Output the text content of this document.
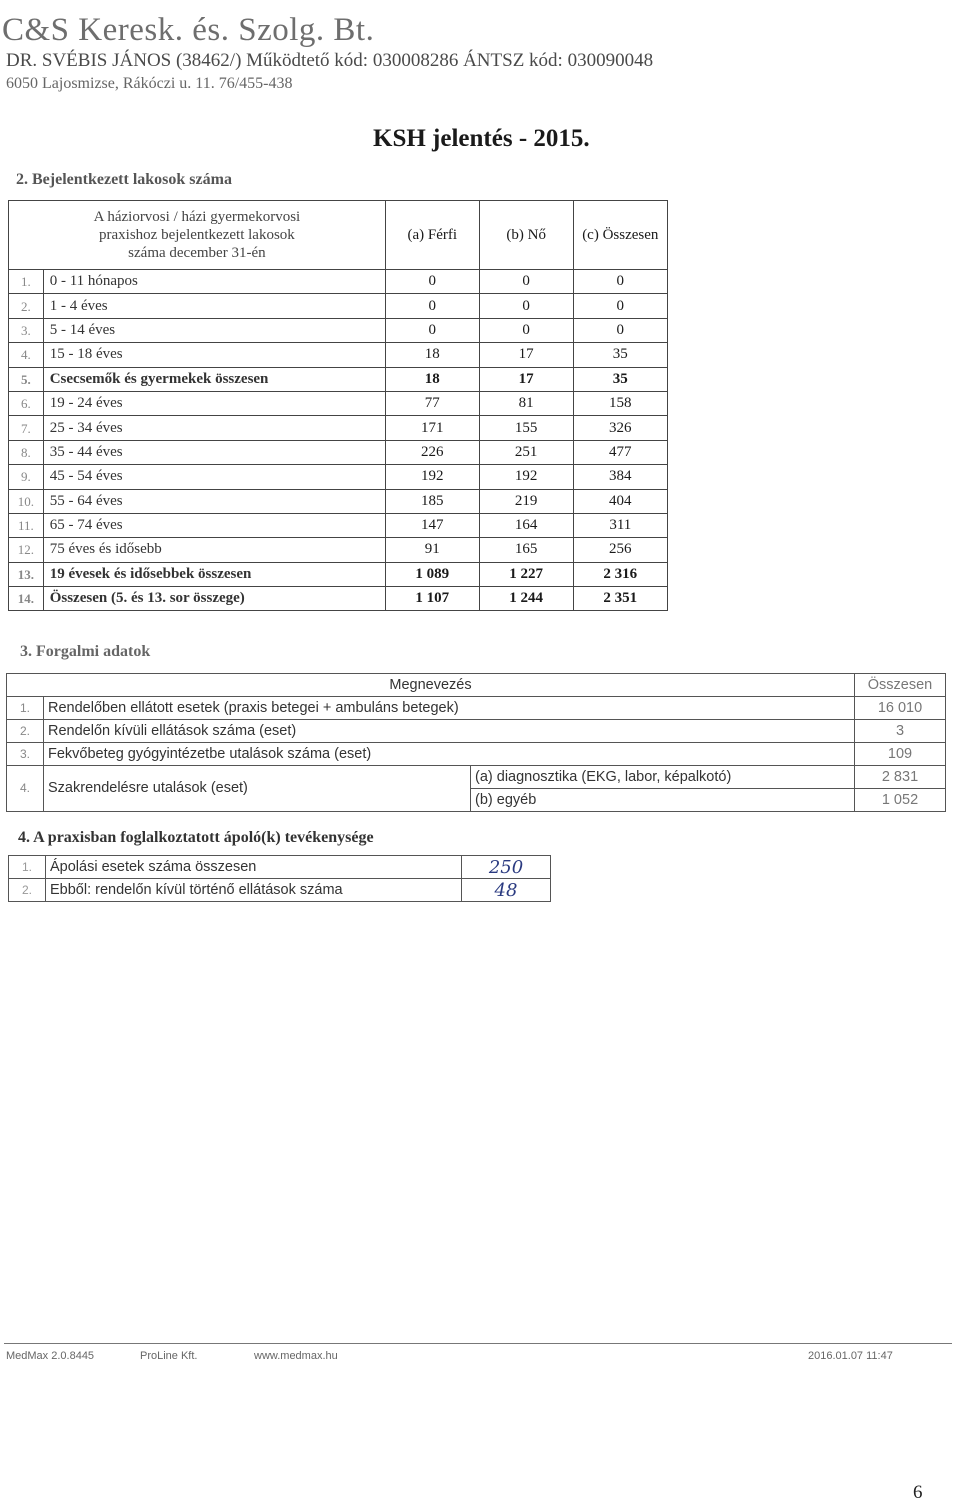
C&S Keresk. és. Szolg. Bt.
DR. SVÉBIS JÁNOS (38462/) Működtető kód: 030008286 ÁNTSZ kód: 030090048
6050 Lajosmizse, Rákóczi u. 11. 76/455-438
KSH jelentés - 2015.
2. Bejelentkezett lakosok száma
A háziorvosi / házi gyermekorvosi
praxishoz bejelentkezett lakosok
száma december 31-én		(a) Férfi	(b) Nő	(c) Összesen
1.	0 - 11 hónapos	0	0	0
2.	1 - 4 éves	0	0	0
3.	5 - 14 éves	0	0	0
4.	15 - 18 éves	18	17	35
5.	Csecsemők és gyermekek összesen	18	17	35
6.	19 - 24 éves	77	81	158
7.	25 - 34 éves	171	155	326
8.	35 - 44 éves	226	251	477
9.	45 - 54 éves	192	192	384
10.	55 - 64 éves	185	219	404
11.	65 - 74 éves	147	164	311
12.	75 éves és idősebb	91	165	256
13.	19 évesek és idősebbek összesen	1 089	1 227	2 316
14.	Összesen (5. és 13. sor összege)	1 107	1 244	2 351
3. Forgalmi adatok
Megnevezés			Összesen
1.	Rendelőben ellátott esetek (praxis betegei + ambuláns betegek)		16 010
2.	Rendelőn kívüli ellátások száma (eset)		3
3.	Fekvőbeteg gyógyintézetbe utalások száma (eset)		109
4.	Szakrendelésre utalások (eset)	(a) diagnosztika (EKG, labor, képalkotó)	2 831
		(b) egyéb	1 052
4. A praxisban foglalkoztatott ápoló(k) tevékenysége
1.	Ápolási esetek száma összesen	250
2.	Ebből: rendelőn kívül történő ellátások száma	48
MedMax 2.0.8445	ProLine Kft.	www.medmax.hu	2016.01.07 11:47
6
